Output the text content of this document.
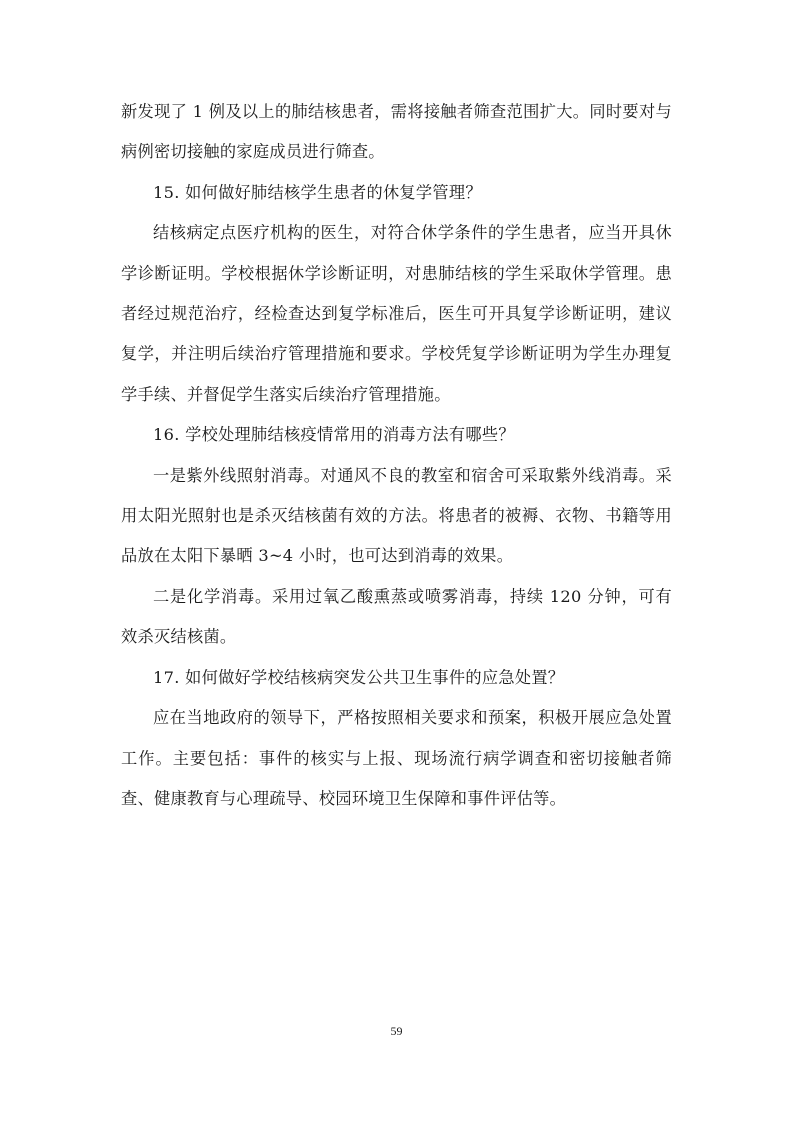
新发现了 1 例及以上的肺结核患者，需将接触者筛查范围扩大。同时要对与病例密切接触的家庭成员进行筛查。

15. 如何做好肺结核学生患者的休复学管理？

结核病定点医疗机构的医生，对符合休学条件的学生患者，应当开具休学诊断证明。学校根据休学诊断证明，对患肺结核的学生采取休学管理。患者经过规范治疗，经检查达到复学标准后，医生可开具复学诊断证明，建议复学，并注明后续治疗管理措施和要求。学校凭复学诊断证明为学生办理复学手续、并督促学生落实后续治疗管理措施。

16. 学校处理肺结核疫情常用的消毒方法有哪些？

一是紫外线照射消毒。对通风不良的教室和宿舍可采取紫外线消毒。采用太阳光照射也是杀灭结核菌有效的方法。将患者的被褥、衣物、书籍等用品放在太阳下暴晒 3~4 小时，也可达到消毒的效果。

二是化学消毒。采用过氧乙酸熏蒸或喷雾消毒，持续 120 分钟，可有效杀灭结核菌。

17. 如何做好学校结核病突发公共卫生事件的应急处置？

应在当地政府的领导下，严格按照相关要求和预案，积极开展应急处置工作。主要包括：事件的核实与上报、现场流行病学调查和密切接触者筛查、健康教育与心理疏导、校园环境卫生保障和事件评估等。

59
